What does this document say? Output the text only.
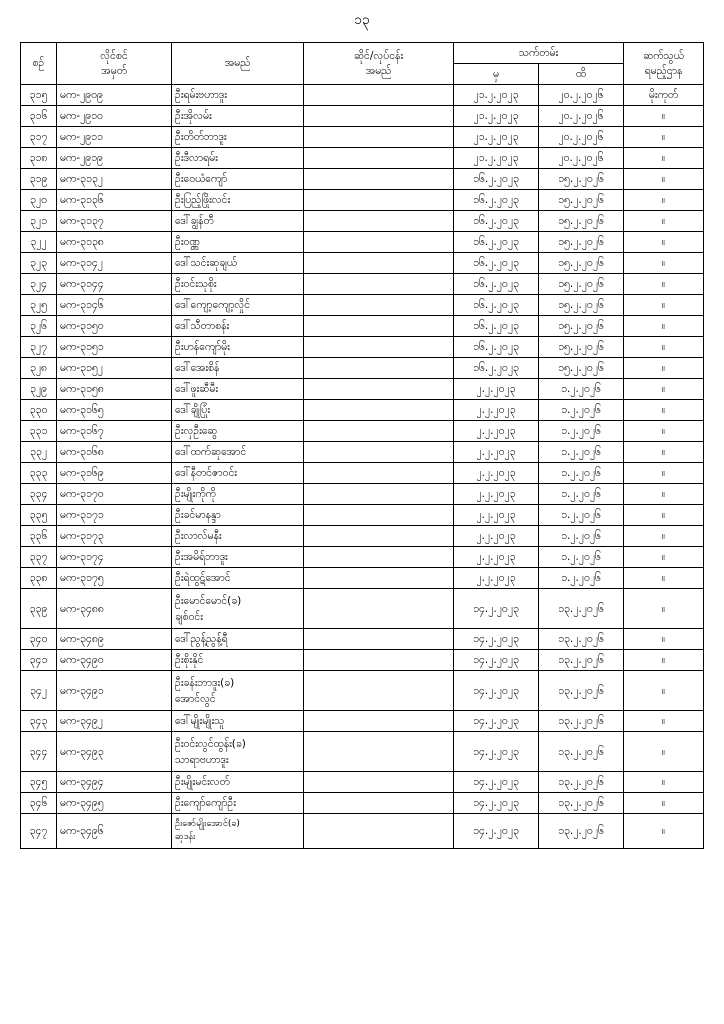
၁၃
စဉ်	လိုင်စင်
အမှတ်	အမည်	ဆိုင်/လုပ်ငန်း
အမည်	သက်တမ်း		ဆက်သွယ်
ရမည့်ဌာန
				မှ	ထိ	
၃၁၅	မက-၂၉၀၉	ဦးရမ်းဗဟာဒူး		၂၁.၂.၂၀၂၃	၂၀.၂.၂၀၂၆	မိုးကုတ်
၃၁၆	မက-၂၉၁၀	ဦးအိုလမ်း		၂၁.၂.၂၀၂၃	၂၀.၂.၂၀၂၆	။
၃၁၇	မက-၂၉၁၁	ဦးတိတ်ဘာဒူး		၂၁.၂.၂၀၂၃	၂၀.၂.၂၀၂၆	။
၃၁၈	မက-၂၉၁၉	ဦးဒီလာရမ်း		၂၁.၂.၂၀၂၃	၂၀.၂.၂၀၂၆	။
၃၁၉	မက-၃၁၃၂	ဦးဝေယံကျော်		၁၆.၂.၂၀၂၃	၁၅.၂.၂၀၂၆	။
၃၂၀	မက-၃၁၃၆	ဦးပြည့်ဖြိုးလင်း		၁၆.၂.၂၀၂၃	၁၅.၂.၂၀၂၆	။
၃၂၁	မက-၃၁၃၇	ဒေါ်ချွန်တီ		၁၆.၂.၂၀၂၃	၁၅.၂.၂၀၂၆	။
၃၂၂	မက-၃၁၃၈	ဦးဝဏ္ဏ		၁၆.၂.၂၀၂၃	၁၅.၂.၂၀၂၆	။
၃၂၃	မက-၃၁၄၂	ဒေါ်သင်းဆုချယ်		၁၆.၂.၂၀၂၃	၁၅.၂.၂၀၂၆	။
၃၂၄	မက-၃၁၄၄	ဦးဝင်းသုစိုး		၁၆.၂.၂၀၂၃	၁၅.၂.၂၀၂၆	။
၃၂၅	မက-၃၁၄၆	ဒေါ်ကျော့ကျော့လှိုင်		၁၆.၂.၂၀၂၃	၁၅.၂.၂၀၂၆	။
၃၂၆	မက-၃၁၅၀	ဒေါ်သီတာစန်း		၁၆.၂.၂၀၂၃	၁၅.၂.၂၀၂၆	။
၃၂၇	မက-၃၁၅၁	ဦးဟန်ကျော်မိုး		၁၆.၂.၂၀၂၃	၁၅.၂.၂၀၂၆	။
၃၂၈	မက-၃၁၅၂	ဒေါ်အေးစိန်		၁၆.၂.၂၀၂၃	၁၅.၂.၂၀၂၆	။
၃၂၉	မက-၃၁၅၈	ဒေါ်ဖူးဆီမီး		၂.၂.၂၀၂၃	၁.၂.၂၀၂၆	။
၃၃၀	မက-၃၁၆၅	ဒေါ်ချိုပြုံး		၂.၂.၂၀၂၃	၁.၂.၂၀၂၆	။
၃၃၁	မက-၃၁၆၇	ဦးလှဦးဆွေ		၂.၂.၂၀၂၃	၁.၂.၂၀၂၆	။
၃၃၂	မက-၃၁၆၈	ဒေါ်ထက်ဆုအောင်		၂.၂.၂၀၂၃	၁.၂.၂၀၂၆	။
၃၃၃	မက-၃၁၆၉	ဒေါ်နီတင်ဇာဝင်း		၂.၂.၂၀၂၃	၁.၂.၂၀၂၆	။
၃၃၄	မက-၃၁၇၀	ဦးမျိုးကိုကို		၂.၂.၂၀၂၃	၁.၂.၂၀၂၆	။
၃၃၅	မက-၃၁၇၁	ဦးခင်မာနန္ဒာ		၂.၂.၂၀၂၃	၁.၂.၂၀၂၆	။
၃၃၆	မက-၃၁၇၃	ဦးလာလ်မနီး		၂.၂.၂၀၂၃	၁.၂.၂၀၂၆	။
၃၃၇	မက-၃၁၇၄	ဦးအမိရ်ဘာဒူး		၂.၂.၂၀၂၃	၁.၂.၂၀၂၆	။
၃၃၈	မက-၃၁၇၅	ဦးရဲထွဋ်အောင်		၂.၂.၂၀၂၃	၁.၂.၂၀၂၆	။
၃၃၉	မက-၃၄၈၈	ဦးမောင်မောင်(ခ)
ချစ်ဝင်း		၁၄.၂.၂၀၂၃	၁၃.၂.၂၀၂၆	။
၃၄၀	မက-၃၄၈၉	ဒေါ်ညွန့်ညွန့်ရီ		၁၄.၂.၂၀၂၃	၁၃.၂.၂၀၂၆	။
၃၄၁	မက-၃၄၉၀	ဦးစိုးနိုင်		၁၄.၂.၂၀၂၃	၁၃.၂.၂၀၂၆	။
၃၄၂	မက-၃၄၉၁	ဦးခန်းဘာဒူး(ခ)
အောင်လွင်		၁၄.၂.၂၀၂၃	၁၃.၂.၂၀၂၆	။
၃၄၃	မက-၃၄၉၂	ဒေါ်မျိုးမျိုးသူ		၁၄.၂.၂၀၂၃	၁၃.၂.၂၀၂၆	။
၃၄၄	မက-၃၄၉၃	ဦးဝင်းလွင်ထွန်း(ခ)
သာရာဗဟာဒူး		၁၄.၂.၂၀၂၃	၁၃.၂.၂၀၂၆	။
၃၄၅	မက-၃၄၉၄	ဦးမျိုးမင်းလတ်		၁၄.၂.၂၀၂၃	၁၃.၂.၂၀၂၆	။
၃၄၆	မက-၃၄၉၅	ဦးကျော်ကျော်ဦး		၁၄.၂.၂၀၂၃	၁၃.၂.၂၀၂၆	။
၃၄၇	မက-၃၄၉၆	ဦးဇော်မျိုးအောင်(ခ)
ဆုဒန်း		၁၄.၂.၂၀၂၃	၁၃.၂.၂၀၂၆	။
